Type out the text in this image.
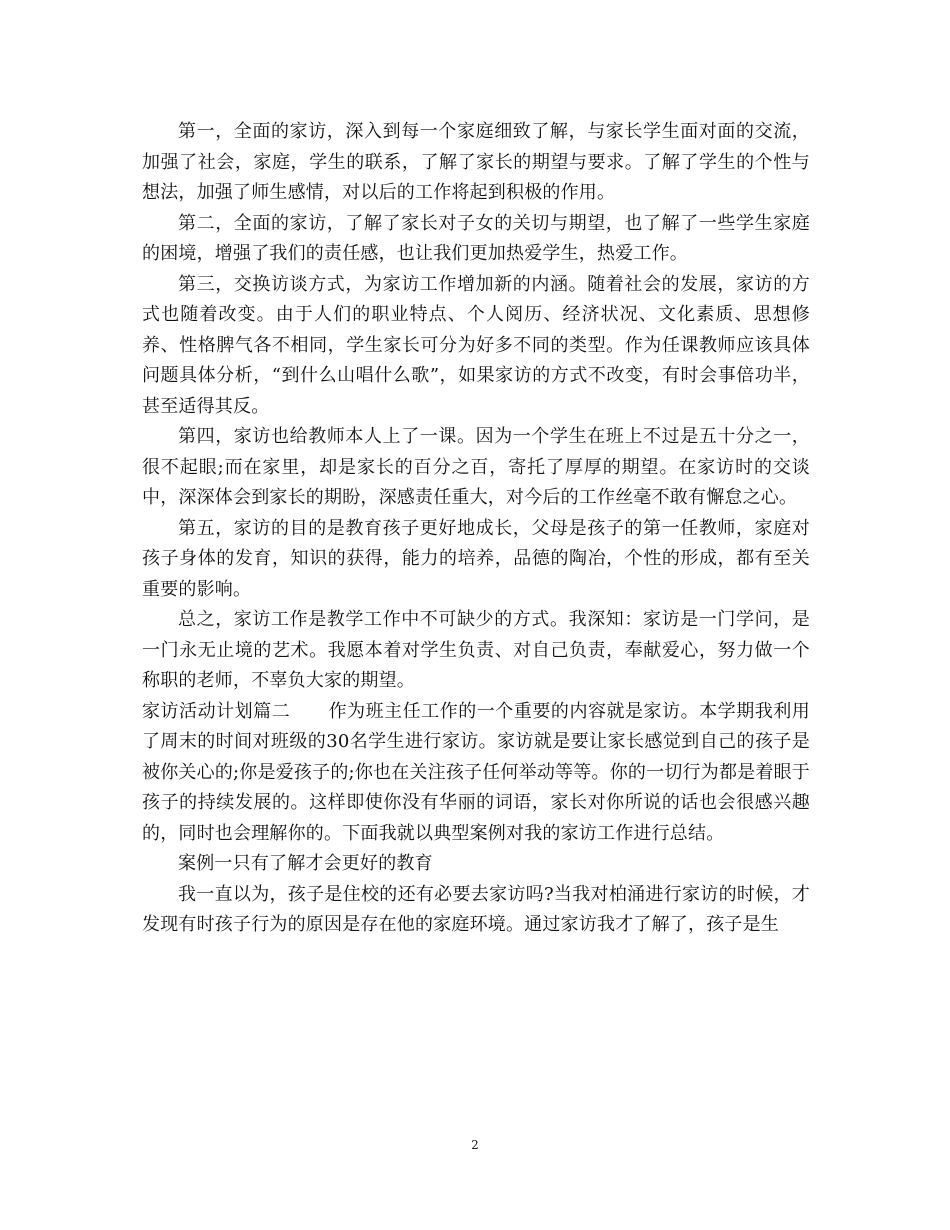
第一，全面的家访，深入到每一个家庭细致了解，与家长学生面对面的交流，加强了社会，家庭，学生的联系，了解了家长的期望与要求。了解了学生的个性与想法，加强了师生感情，对以后的工作将起到积极的作用。

第二，全面的家访，了解了家长对子女的关切与期望，也了解了一些学生家庭的困境，增强了我们的责任感，也让我们更加热爱学生，热爱工作。

第三，交换访谈方式，为家访工作增加新的内涵。随着社会的发展，家访的方式也随着改变。由于人们的职业特点、个人阅历、经济状况、文化素质、思想修养、性格脾气各不相同，学生家长可分为好多不同的类型。作为任课教师应该具体问题具体分析，“到什么山唱什么歌”，如果家访的方式不改变，有时会事倍功半，甚至适得其反。

第四，家访也给教师本人上了一课。因为一个学生在班上不过是五十分之一，很不起眼;而在家里，却是家长的百分之百，寄托了厚厚的期望。在家访时的交谈中，深深体会到家长的期盼，深感责任重大，对今后的工作丝毫不敢有懈怠之心。

第五，家访的目的是教育孩子更好地成长，父母是孩子的第一任教师，家庭对孩子身体的发育，知识的获得，能力的培养，品德的陶冶，个性的形成，都有至关重要的影响。

总之，家访工作是教学工作中不可缺少的方式。我深知：家访是一门学问，是一门永无止境的艺术。我愿本着对学生负责、对自己负责，奉献爱心，努力做一个称职的老师，不辜负大家的期望。

家访活动计划篇二 作为班主任工作的一个重要的内容就是家访。本学期我利用了周末的时间对班级的30名学生进行家访。家访就是要让家长感觉到自己的孩子是被你关心的;你是爱孩子的;你也在关注孩子任何举动等等。你的一切行为都是着眼于孩子的持续发展的。这样即使你没有华丽的词语，家长对你所说的话也会很感兴趣的，同时也会理解你的。下面我就以典型案例对我的家访工作进行总结。

案例一只有了解才会更好的教育

我一直以为，孩子是住校的还有必要去家访吗?当我对柏涌进行家访的时候，才发现有时孩子行为的原因是存在他的家庭环境。通过家访我才了解了，孩子是生

2
